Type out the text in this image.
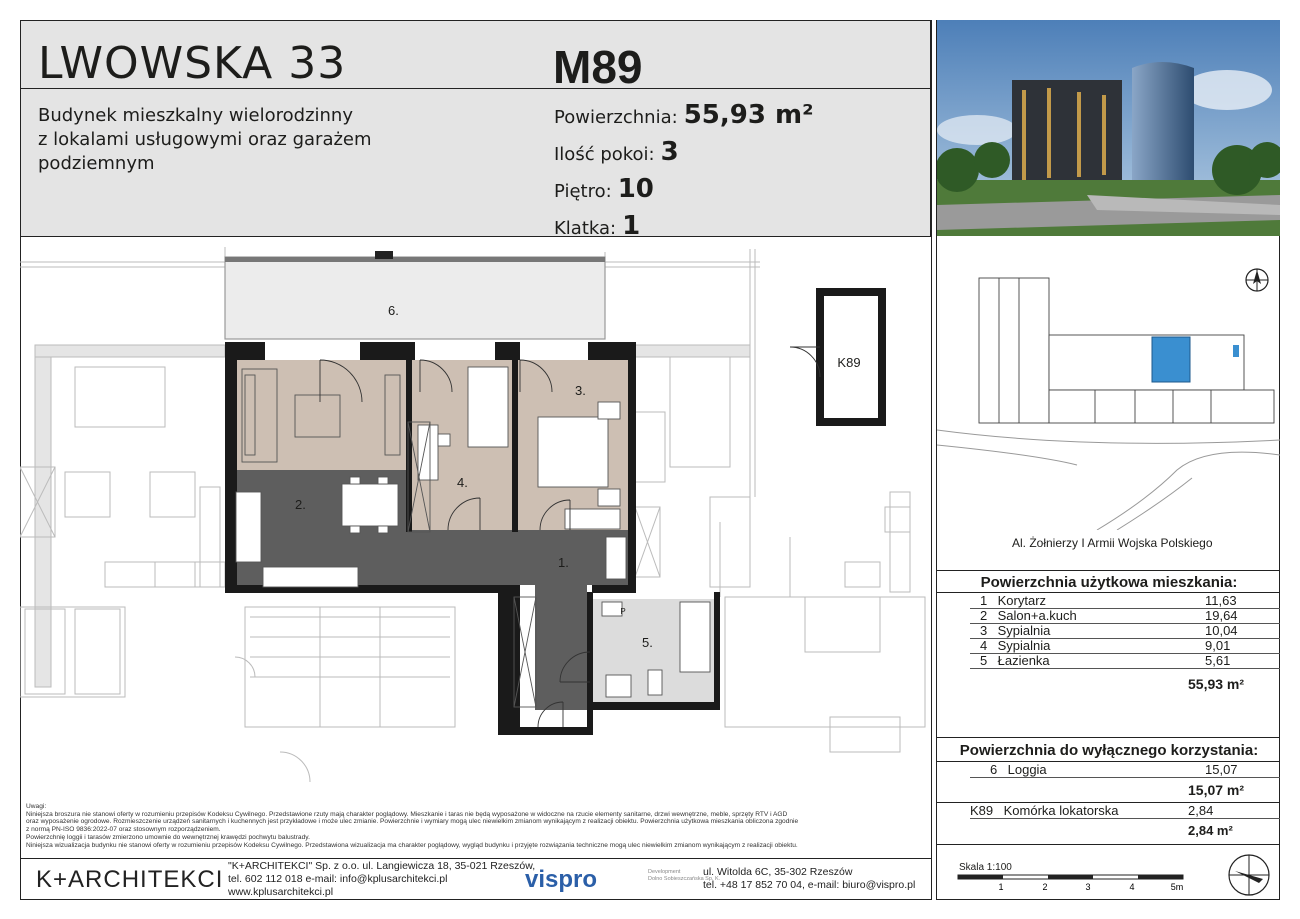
LWOWSKA 33	M89
Budynek mieszkalny wielorodzinny
z lokalami usługowymi oraz garażem
podziemnym
Powierzchnia: 55,93 m²
Ilość pokoi: 3
Piętro: 10
Klatka: 1
K89
1.
2.
3.
4.
5.
6.
P
Al. Żołnierzy I Armii Wojska Polskiego
Powierzchnia użytkowa mieszkania:
1 Korytarz	11,63
2 Salon+a.kuch	19,64
3 Sypialnia	10,04
4 Sypialnia	9,01
5 Łazienka	5,61
55,93 m²
Powierzchnia do wyłącznego korzystania:
6 Loggia	15,07
15,07 m²
K89 Komórka lokatorska	2,84
2,84 m²
Uwagi:
Niniejsza broszura nie stanowi oferty w rozumieniu przepisów Kodeksu Cywilnego. Przedstawione rzuty mają charakter poglądowy. Mieszkanie i taras nie będą wyposażone w widoczne na rzucie elementy sanitarne, drzwi wewnętrzne, meble, sprzęty RTV i AGD
oraz wyposażenie ogrodowe. Rozmieszczenie urządzeń sanitarnych i kuchennych jest przykładowe i może ulec zmianie. Powierzchnie i wymiary mogą ulec niewielkim zmianom wynikającym z realizacji obiektu. Powierzchnia użytkowa mieszkania obliczona zgodnie
z normą PN-ISO 9836:2022-07 oraz stosownym rozporządzeniem.
Powierzchnię loggii i tarasów zmierzono umownie do wewnętrznej krawędzi pochwytu balustrady.
Niniejsza wizualizacja budynku nie stanowi oferty w rozumieniu przepisów Kodeksu Cywilnego. Przedstawiona wizualizacja ma charakter poglądowy, wygląd budynku i przyjęte rozwiązania techniczne mogą ulec niewielkim zmianom wynikającym z realizacji obiektu.
K+ARCHITEKCI "K+ARCHITEKCI" Sp. z o.o. ul. Langiewicza 18, 35-021 Rzeszów,
tel. 602 112 018 e-mail: info@kplusarchitekci.pl
www.kplusarchitekci.pl	vispro	Development
Dolno Sobieszczańska Sp. K.
ul. Witolda 6C, 35-302 Rzeszów
tel. +48 17 852 70 04, e-mail: biuro@vispro.pl
Skala 1:100
1	2	3	4	5m
